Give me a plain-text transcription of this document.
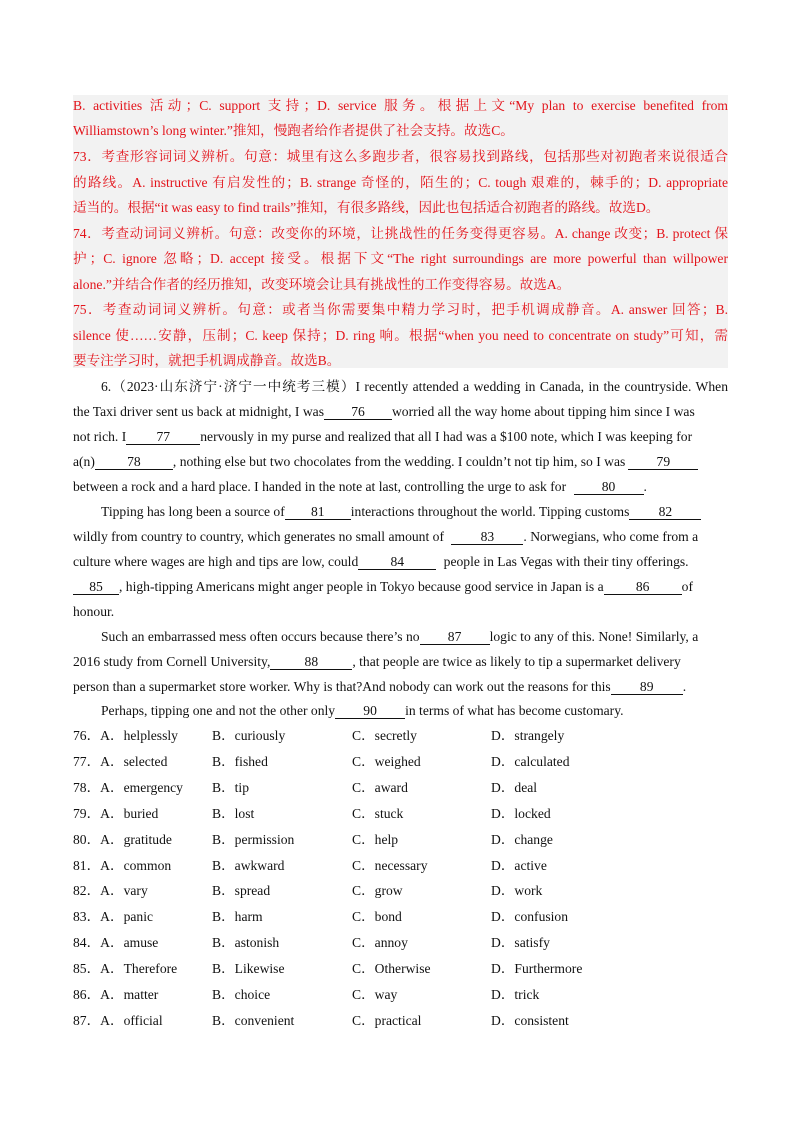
B. activities 活动；C. support 支持；D. service 服务。根据上文“My plan to exercise benefited from
Williamstown’s long winter.”推知，慢跑者给作者提供了社会支持。故选C。
73．考查形容词词义辨析。句意：城里有这么多跑步者，很容易找到路线，包括那些对初跑者来说很适合
的路线。A. instructive 有启发性的；B. strange 奇怪的，陌生的；C. tough 艰难的，棘手的；D. appropriate
适当的。根据“it was easy to find trails”推知，有很多路线，因此也包括适合初跑者的路线。故选D。
74．考查动词词义辨析。句意：改变你的环境，让挑战性的任务变得更容易。A. change 改变；B. protect 保
护；C. ignore 忽略；D. accept 接受。根据下文“The right surroundings are more powerful than willpower
alone.”并结合作者的经历推知，改变环境会让具有挑战性的工作变得容易。故选A。
75．考查动词词义辨析。句意：或者当你需要集中精力学习时，把手机调成静音。A. answer 回答；B.
silence 使……安静，压制；C. keep 保持；D. ring 响。根据“when you need to concentrate on study”可知，需
要专注学习时，就把手机调成静音。故选B。
6.（2023·山东济宁·济宁一中统考三模）I recently attended a wedding in Canada, in the countryside. When
the Taxi driver sent us back at midnight, I was 76 worried all the way home about tipping him since I was
not rich. I 77 nervously in my purse and realized that all I had was a $100 note, which I was keeping for
a(n) 78 , nothing else but two chocolates from the wedding. I couldn’t not tip him, so I was 79
between a rock and a hard place. I handed in the note at last, controlling the urge to ask for	80 .
Tipping has long been a source of 81 interactions throughout the world. Tipping customs 82
wildly from country to country, which generates no small amount of	83 . Norwegians, who come from a
culture where wages are high and tips are low, could 84	people in Las Vegas with their tiny offerings.
85 , high-tipping Americans might anger people in Tokyo because good service in Japan is a 86 of
honour.
Such an embarrassed mess often occurs because there’s no 87 logic to any of this. None! Similarly, a
2016 study from Cornell University,	88	, that people are twice as likely to tip a supermarket delivery
person than a supermarket store worker. Why is that?And nobody can work out the reasons for this 89 .
Perhaps, tipping one and not the other only 90 in terms of what has become customary.
76．A．helplessly	B．curiously	C．secretly	D．strangely
77．A．selected	B．fished	C．weighed	D．calculated
78．A．emergency B．tip	C．award	D．deal
79．A．buried	B．lost	C．stuck	D．locked
80．A．gratitude	B．permission	C．help	D．change
81．A．common	B．awkward	C．necessary	D．active
82．A．vary	B．spread	C．grow	D．work
83．A．panic	B．harm	C．bond	D．confusion
84．A．amuse	B．astonish	C．annoy	D．satisfy
85．A．Therefore	B．Likewise	C．Otherwise	D．Furthermore
86．A．matter	B．choice	C．way	D．trick
87．A．official	B．convenient	C．practical	D．consistent
